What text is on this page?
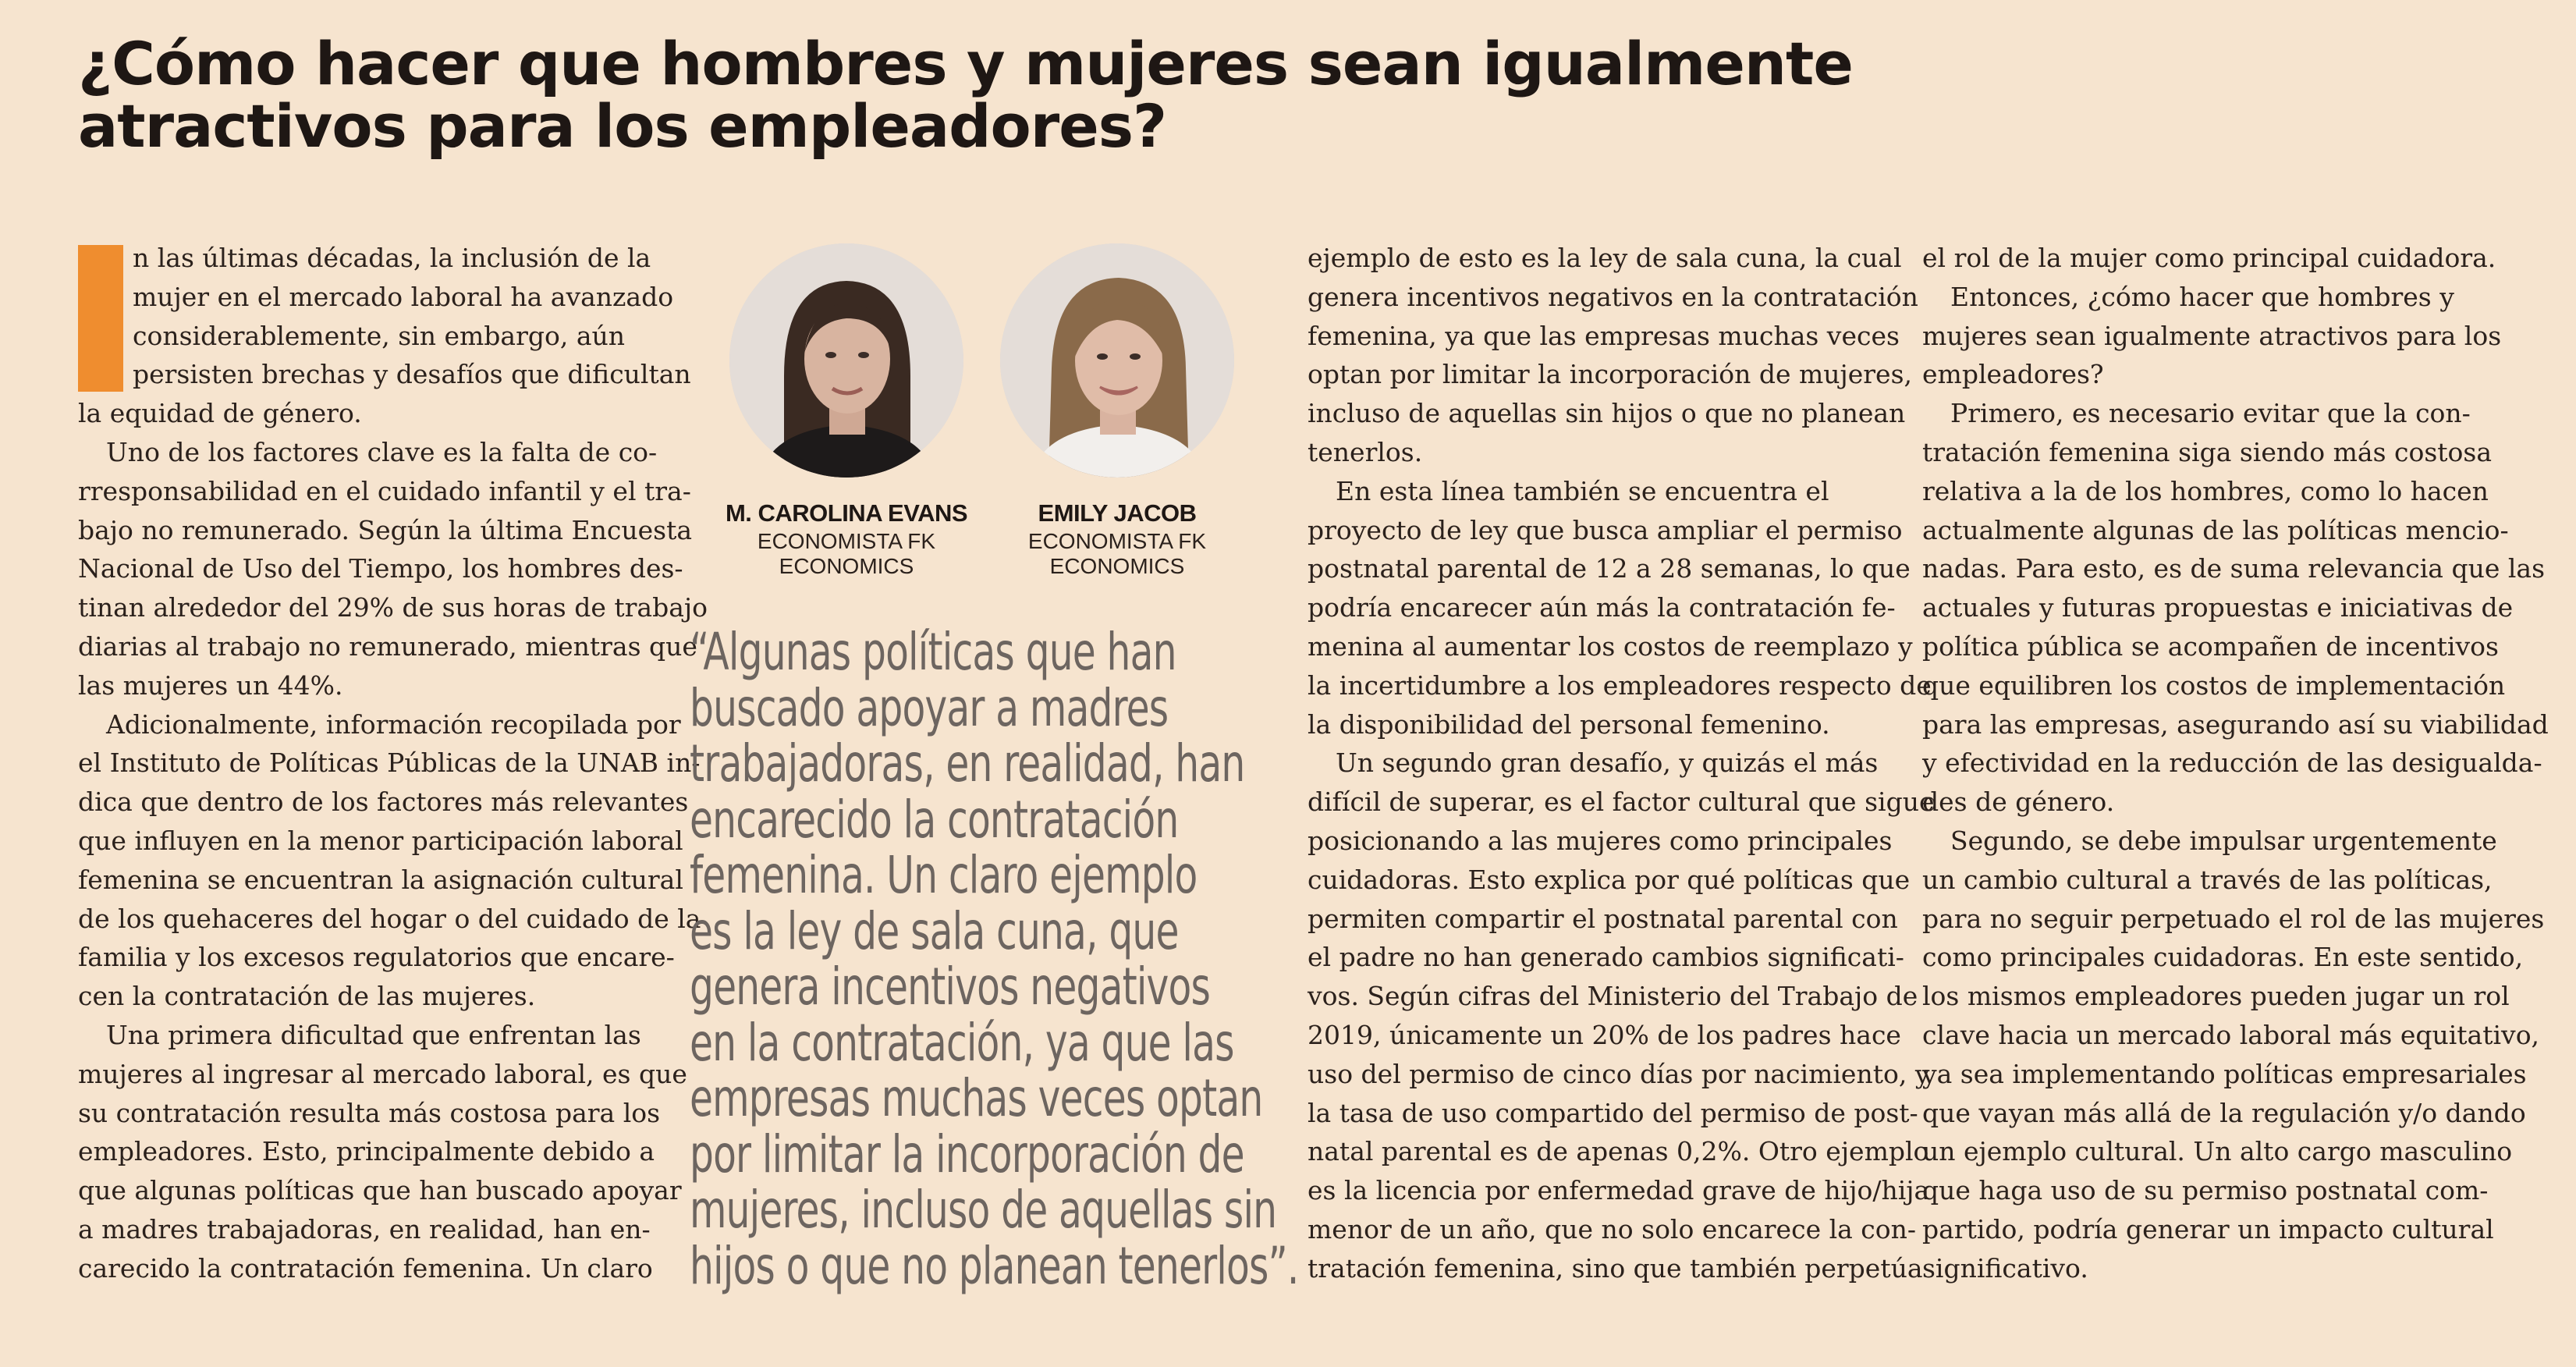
¿Cómo hacer que hombres y mujeres sean igualmente
atractivos para los empleadores?

n las últimas décadas, la inclusión de la

mujer en el mercado laboral ha avanzado

considerablemente, sin embargo, aún

persisten brechas y desafíos que dificultan

la equidad de género.

Uno de los factores clave es la falta de co-

rresponsabilidad en el cuidado infantil y el tra-

bajo no remunerado. Según la última Encuesta

Nacional de Uso del Tiempo, los hombres des-

tinan alrededor del 29% de sus horas de trabajo

diarias al trabajo no remunerado, mientras que

las mujeres un 44%.

Adicionalmente, información recopilada por

el Instituto de Políticas Públicas de la UNAB in-

dica que dentro de los factores más relevantes

que influyen en la menor participación laboral

femenina se encuentran la asignación cultural

de los quehaceres del hogar o del cuidado de la

familia y los excesos regulatorios que encare-

cen la contratación de las mujeres.

Una primera dificultad que enfrentan las

mujeres al ingresar al mercado laboral, es que

su contratación resulta más costosa para los

empleadores. Esto, principalmente debido a

que algunas políticas que han buscado apoyar

a madres trabajadoras, en realidad, han en-

carecido la contratación femenina. Un claro

M. CAROLINA EVANS
ECONOMISTA FK
ECONOMICS
EMILY JACOB
ECONOMISTA FK
ECONOMICS

“Algunas políticas que han

buscado apoyar a madres

trabajadoras, en realidad, han

encarecido la contratación

femenina. Un claro ejemplo

es la ley de sala cuna, que

genera incentivos negativos

en la contratación, ya que las

empresas muchas veces optan

por limitar la incorporación de

mujeres, incluso de aquellas sin

hijos o que no planean tenerlos”.

ejemplo de esto es la ley de sala cuna, la cual

genera incentivos negativos en la contratación

femenina, ya que las empresas muchas veces

optan por limitar la incorporación de mujeres,

incluso de aquellas sin hijos o que no planean

tenerlos.

En esta línea también se encuentra el

proyecto de ley que busca ampliar el permiso

postnatal parental de 12 a 28 semanas, lo que

podría encarecer aún más la contratación fe-

menina al aumentar los costos de reemplazo y

la incertidumbre a los empleadores respecto de

la disponibilidad del personal femenino.

Un segundo gran desafío, y quizás el más

difícil de superar, es el factor cultural que sigue

posicionando a las mujeres como principales

cuidadoras. Esto explica por qué políticas que

permiten compartir el postnatal parental con

el padre no han generado cambios significati-

vos. Según cifras del Ministerio del Trabajo de

2019, únicamente un 20% de los padres hace

uso del permiso de cinco días por nacimiento, y

la tasa de uso compartido del permiso de post-

natal parental es de apenas 0,2%. Otro ejemplo

es la licencia por enfermedad grave de hijo/hija

menor de un año, que no solo encarece la con-

tratación femenina, sino que también perpetúa

el rol de la mujer como principal cuidadora.

Entonces, ¿cómo hacer que hombres y

mujeres sean igualmente atractivos para los

empleadores?

Primero, es necesario evitar que la con-

tratación femenina siga siendo más costosa

relativa a la de los hombres, como lo hacen

actualmente algunas de las políticas mencio-

nadas. Para esto, es de suma relevancia que las

actuales y futuras propuestas e iniciativas de

política pública se acompañen de incentivos

que equilibren los costos de implementación

para las empresas, asegurando así su viabilidad

y efectividad en la reducción de las desigualda-

des de género.

Segundo, se debe impulsar urgentemente

un cambio cultural a través de las políticas,

para no seguir perpetuado el rol de las mujeres

como principales cuidadoras. En este sentido,

los mismos empleadores pueden jugar un rol

clave hacia un mercado laboral más equitativo,

ya sea implementando políticas empresariales

que vayan más allá de la regulación y/o dando

un ejemplo cultural. Un alto cargo masculino

que haga uso de su permiso postnatal com-

partido, podría generar un impacto cultural

significativo.
